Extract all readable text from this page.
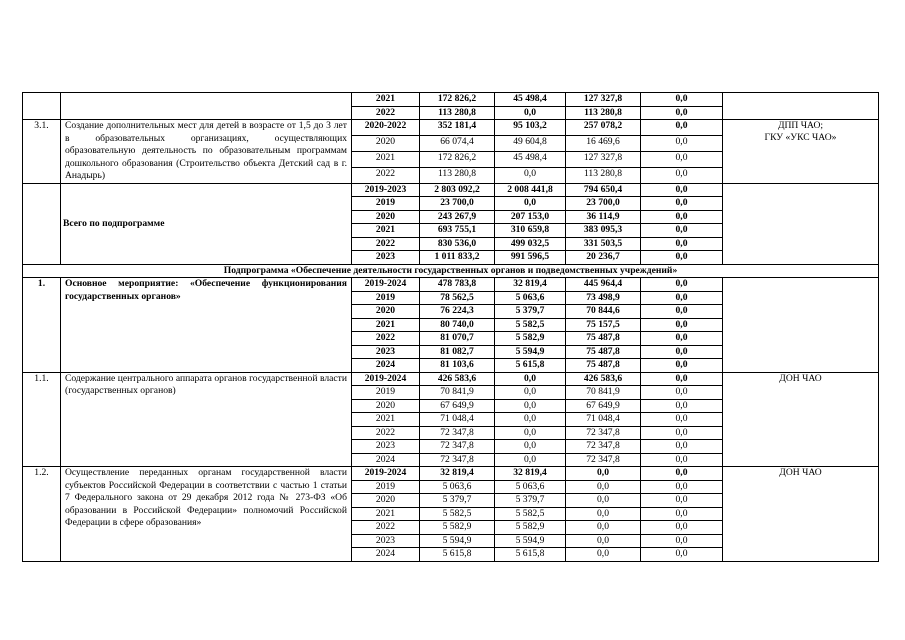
		2021	172 826,2	45 498,4	127 327,8	0,0	
		2022	113 280,8	0,0	113 280,8	0,0	
3.1.	Создание дополнительных мест для детей в возрасте от 1,5 до 3 лет в образовательных организациях, осуществляющих образовательную деятельность по образовательным программам дошкольного образования (Строительство объекта Детский сад в г. Анадырь)	2020-2022	352 181,4	95 103,2	257 078,2	0,0	ДПП ЧАО;
ГКУ «УКС ЧАО»

		2020	66 074,4	49 604,8	16 469,6	0,0	
		2021	172 826,2	45 498,4	127 327,8	0,0	
		2022	113 280,8	0,0	113 280,8	0,0	
	Всего по подпрограмме	2019-2023	2 803 092,2	2 008 441,8	794 650,4	0,0	
		2019	23 700,0	0,0	23 700,0	0,0	
		2020	243 267,9	207 153,0	36 114,9	0,0	
		2021	693 755,1	310 659,8	383 095,3	0,0	
		2022	830 536,0	499 032,5	331 503,5	0,0	
		2023	1 011 833,2	991 596,5	20 236,7	0,0	
Подпрограмма «Обеспечение деятельности государственных органов и подведомственных учреждений»							
1.	Основное мероприятие: «Обеспечение функционирования государственных органов»	2019-2024	478 783,8	32 819,4	445 964,4	0,0	
		2019	78 562,5	5 063,6	73 498,9	0,0	
		2020	76 224,3	5 379,7	70 844,6	0,0	
		2021	80 740,0	5 582,5	75 157,5	0,0	
		2022	81 070,7	5 582,9	75 487,8	0,0	
		2023	81 082,7	5 594,9	75 487,8	0,0	
		2024	81 103,6	5 615,8	75 487,8	0,0	
1.1.	Содержание центрального аппарата органов государственной власти (государственных органов)	2019-2024	426 583,6	0,0	426 583,6	0,0	ДОН ЧАО

		2019	70 841,9	0,0	70 841,9	0,0	
		2020	67 649,9	0,0	67 649,9	0,0	
		2021	71 048,4	0,0	71 048,4	0,0	
		2022	72 347,8	0,0	72 347,8	0,0	
		2023	72 347,8	0,0	72 347,8	0,0	
		2024	72 347,8	0,0	72 347,8	0,0	
1.2.	Осуществление переданных органам государственной власти субъектов Российской Федерации в соответствии с частью 1 статьи 7 Федерального закона от 29 декабря 2012 года № 273-ФЗ «Об образовании в Российской Федерации» полномочий Российской Федерации в сфере образования»	2019-2024	32 819,4	32 819,4	0,0	0,0	ДОН ЧАО

		2019	5 063,6	5 063,6	0,0	0,0	
		2020	5 379,7	5 379,7	0,0	0,0	
		2021	5 582,5	5 582,5	0,0	0,0	
		2022	5 582,9	5 582,9	0,0	0,0	
		2023	5 594,9	5 594,9	0,0	0,0	
		2024	5 615,8	5 615,8	0,0	0,0	
